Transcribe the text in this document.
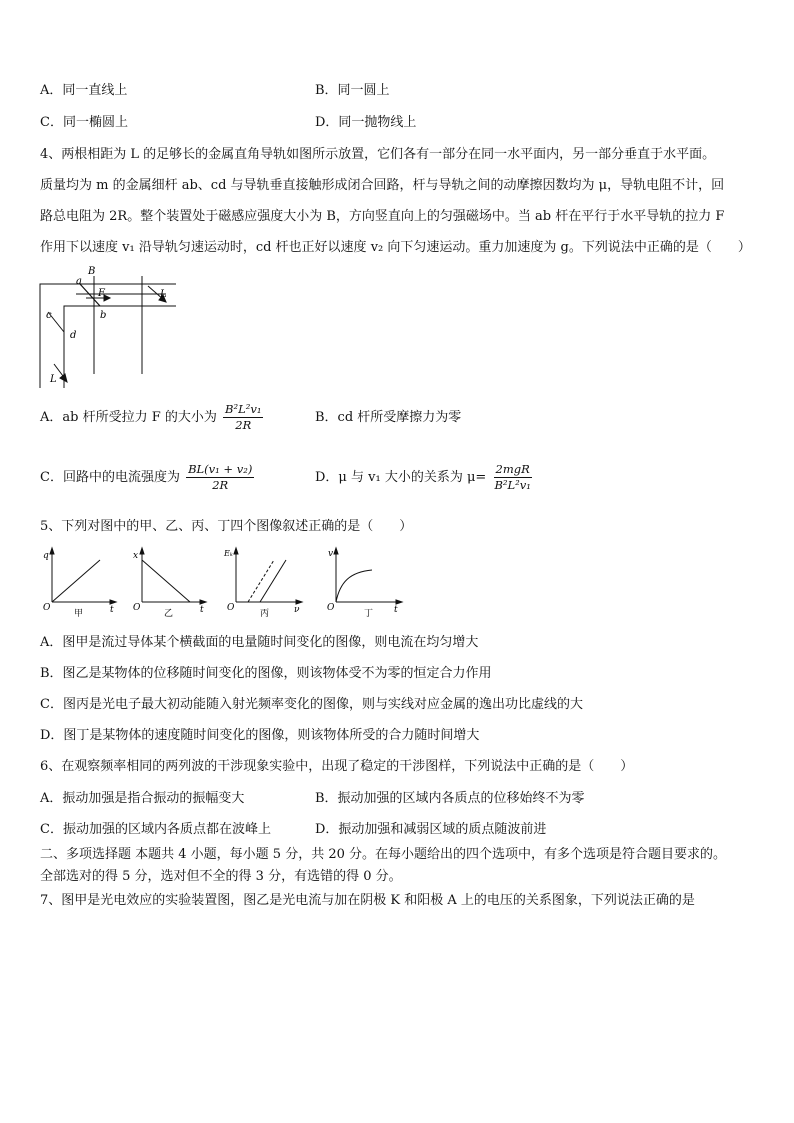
A．同一直线上	B．同一圆上
C．同一椭圆上	D．同一抛物线上
4、两根相距为 L 的足够长的金属直角导轨如图所示放置，它们各有一部分在同一水平面内，另一部分垂直于水平面。
质量均为 m 的金属细杆 ab、cd 与导轨垂直接触形成闭合回路，杆与导轨之间的动摩擦因数均为 μ，导轨电阻不计，回
路总电阻为 2R。整个装置处于磁感应强度大小为 B，方向竖直向上的匀强磁场中。当 ab 杆在平行于水平导轨的拉力 F
作用下以速度 v₁ 沿导轨匀速运动时，cd 杆也正好以速度 v₂ 向下匀速运动。重力加速度为 g。下列说法中正确的是（　　）
B
a
F
b
L
c
d
L
A．ab 杆所受拉力 F 的大小为 $\frac{\text{B²L²v₁}}{2R}$	B．cd 杆所受摩擦力为零
C．回路中的电流强度为 $\frac{\text{BL(v₁ + v₂)}}{2R}$	D．μ 与 v₁ 大小的关系为 $\mu= \frac{\text{2mgR}}{\text{B²L²v₁}}$
5、下列对图中的甲、乙、丙、丁四个图像叙述正确的是（　　）
q
t
O
甲
x
t
O
乙
Eₖ
ν
O
丙
v
t
O
丁
A．图甲是流过导体某个横截面的电量随时间变化的图像，则电流在均匀增大
B．图乙是某物体的位移随时间变化的图像，则该物体受不为零的恒定合力作用
C．图丙是光电子最大初动能随入射光频率变化的图像，则与实线对应金属的逸出功比虚线的大
D．图丁是某物体的速度随时间变化的图像，则该物体所受的合力随时间增大
6、在观察频率相同的两列波的干涉现象实验中，出现了稳定的干涉图样，下列说法中正确的是（　　）
A．振动加强是指合振动的振幅变大	B．振动加强的区域内各质点的位移始终不为零
C．振动加强的区域内各质点都在波峰上	D．振动加强和减弱区域的质点随波前进
二、多项选择题 本题共 4 小题，每小题 5 分，共 20 分。在每小题给出的四个选项中，有多个选项是符合题目要求的。
全部选对的得 5 分，选对但不全的得 3 分，有选错的得 0 分。
7、图甲是光电效应的实验装置图，图乙是光电流与加在阴极 K 和阳极 A 上的电压的关系图象，下列说法正确的是
